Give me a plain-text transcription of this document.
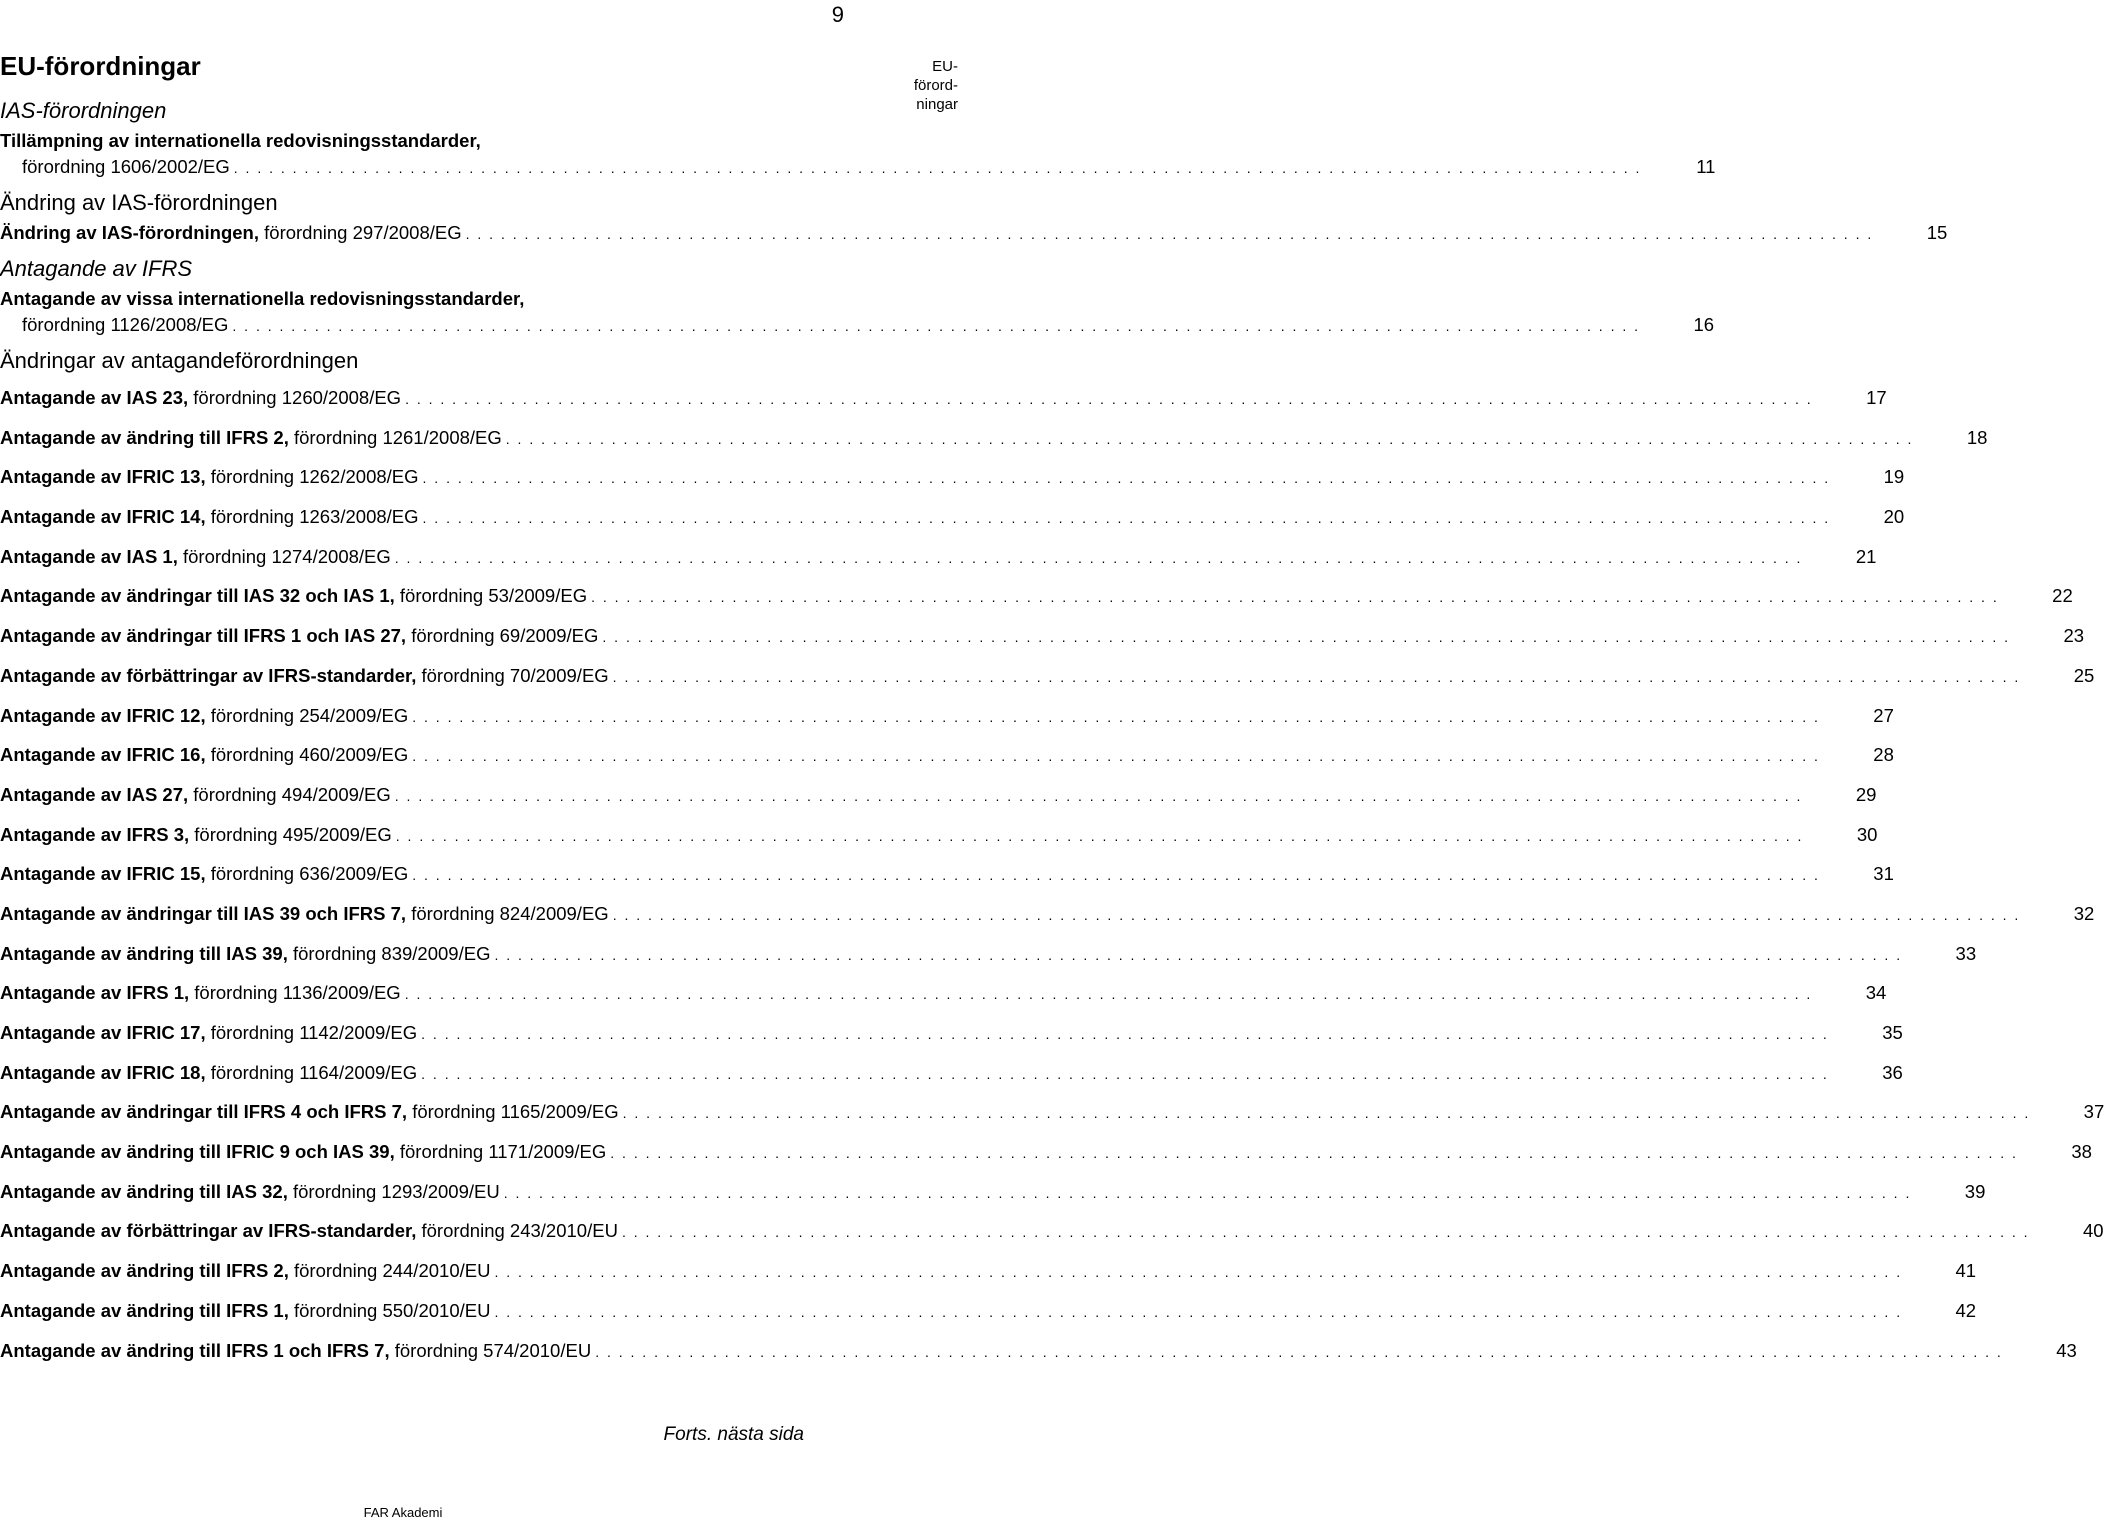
9
EU-
förord-
ningar
EU-förordningar
IAS-förordningen
Tillämpning av internationella redovisningsstandarder,
förordning 1606/2002/EG . . . . . . . . . . . . . . . . . . . . . . . . . . . . . . . . . . . . . . . . . . . . . . . . . . . . . . . . . . . . . . . . . . . . . . . . . . . . . . . . . . . . . . . . . . . . . . . . . . . . . . . . . . . . . . . . . . . . . . . .	11
Ändring av IAS-förordningen
Ändring av IAS-förordningen, förordning 297/2008/EG . . . . . . . . . . . . . . . . . . . . . . . . . . . . . . . . . . . . . . . . . . . . . . . . . . . . . . . . . . . . . . . . . . . . . . . . . . . . . . . . . . . . . . . . . . . . . . . . . . . . . . . . . . . . . . . . . . . . . . . .	15
Antagande av IFRS
Antagande av vissa internationella redovisningsstandarder,
förordning 1126/2008/EG . . . . . . . . . . . . . . . . . . . . . . . . . . . . . . . . . . . . . . . . . . . . . . . . . . . . . . . . . . . . . . . . . . . . . . . . . . . . . . . . . . . . . . . . . . . . . . . . . . . . . . . . . . . . . . . . . . . . . . . .	16
Ändringar av antagandeförordningen
Antagande av IAS 23, förordning 1260/2008/EG . . . . . . . . . . . . . . . . . . . . . . . . . . . . . . . . . . . . . . . . . . . . . . . . . . . . . . . . . . . . . . . . . . . . . . . . . . . . . . . . . . . . . . . . . . . . . . . . . . . . . . . . . . . . . . . . . . . . . . . .	17
Antagande av ändring till IFRS 2, förordning 1261/2008/EG . . . . . . . . . . . . . . . . . . . . . . . . . . . . . . . . . . . . . . . . . . . . . . . . . . . . . . . . . . . . . . . . . . . . . . . . . . . . . . . . . . . . . . . . . . . . . . . . . . . . . . . . . . . . . . . . . . . . . . . .	18
Antagande av IFRIC 13, förordning 1262/2008/EG . . . . . . . . . . . . . . . . . . . . . . . . . . . . . . . . . . . . . . . . . . . . . . . . . . . . . . . . . . . . . . . . . . . . . . . . . . . . . . . . . . . . . . . . . . . . . . . . . . . . . . . . . . . . . . . . . . . . . . . .	19
Antagande av IFRIC 14, förordning 1263/2008/EG . . . . . . . . . . . . . . . . . . . . . . . . . . . . . . . . . . . . . . . . . . . . . . . . . . . . . . . . . . . . . . . . . . . . . . . . . . . . . . . . . . . . . . . . . . . . . . . . . . . . . . . . . . . . . . . . . . . . . . . .	20
Antagande av IAS 1, förordning 1274/2008/EG . . . . . . . . . . . . . . . . . . . . . . . . . . . . . . . . . . . . . . . . . . . . . . . . . . . . . . . . . . . . . . . . . . . . . . . . . . . . . . . . . . . . . . . . . . . . . . . . . . . . . . . . . . . . . . . . . . . . . . . .	21
Antagande av ändringar till IAS 32 och IAS 1, förordning 53/2009/EG . . . . . . . . . . . . . . . . . . . . . . . . . . . . . . . . . . . . . . . . . . . . . . . . . . . . . . . . . . . . . . . . . . . . . . . . . . . . . . . . . . . . . . . . . . . . . . . . . . . . . . . . . . . . . . . . . . . . . . . .	22
Antagande av ändringar till IFRS 1 och IAS 27, förordning 69/2009/EG . . . . . . . . . . . . . . . . . . . . . . . . . . . . . . . . . . . . . . . . . . . . . . . . . . . . . . . . . . . . . . . . . . . . . . . . . . . . . . . . . . . . . . . . . . . . . . . . . . . . . . . . . . . . . . . . . . . . . . . .	23
Antagande av förbättringar av IFRS-standarder, förordning 70/2009/EG . . . . . . . . . . . . . . . . . . . . . . . . . . . . . . . . . . . . . . . . . . . . . . . . . . . . . . . . . . . . . . . . . . . . . . . . . . . . . . . . . . . . . . . . . . . . . . . . . . . . . . . . . . . . . . . . . . . . . . . .	25
Antagande av IFRIC 12, förordning 254/2009/EG . . . . . . . . . . . . . . . . . . . . . . . . . . . . . . . . . . . . . . . . . . . . . . . . . . . . . . . . . . . . . . . . . . . . . . . . . . . . . . . . . . . . . . . . . . . . . . . . . . . . . . . . . . . . . . . . . . . . . . . .	27
Antagande av IFRIC 16, förordning 460/2009/EG . . . . . . . . . . . . . . . . . . . . . . . . . . . . . . . . . . . . . . . . . . . . . . . . . . . . . . . . . . . . . . . . . . . . . . . . . . . . . . . . . . . . . . . . . . . . . . . . . . . . . . . . . . . . . . . . . . . . . . . .	28
Antagande av IAS 27, förordning 494/2009/EG . . . . . . . . . . . . . . . . . . . . . . . . . . . . . . . . . . . . . . . . . . . . . . . . . . . . . . . . . . . . . . . . . . . . . . . . . . . . . . . . . . . . . . . . . . . . . . . . . . . . . . . . . . . . . . . . . . . . . . . .	29
Antagande av IFRS 3, förordning 495/2009/EG . . . . . . . . . . . . . . . . . . . . . . . . . . . . . . . . . . . . . . . . . . . . . . . . . . . . . . . . . . . . . . . . . . . . . . . . . . . . . . . . . . . . . . . . . . . . . . . . . . . . . . . . . . . . . . . . . . . . . . . .	30
Antagande av IFRIC 15, förordning 636/2009/EG . . . . . . . . . . . . . . . . . . . . . . . . . . . . . . . . . . . . . . . . . . . . . . . . . . . . . . . . . . . . . . . . . . . . . . . . . . . . . . . . . . . . . . . . . . . . . . . . . . . . . . . . . . . . . . . . . . . . . . . .	31
Antagande av ändringar till IAS 39 och IFRS 7, förordning 824/2009/EG . . . . . . . . . . . . . . . . . . . . . . . . . . . . . . . . . . . . . . . . . . . . . . . . . . . . . . . . . . . . . . . . . . . . . . . . . . . . . . . . . . . . . . . . . . . . . . . . . . . . . . . . . . . . . . . . . . . . . . . .	32
Antagande av ändring till IAS 39, förordning 839/2009/EG . . . . . . . . . . . . . . . . . . . . . . . . . . . . . . . . . . . . . . . . . . . . . . . . . . . . . . . . . . . . . . . . . . . . . . . . . . . . . . . . . . . . . . . . . . . . . . . . . . . . . . . . . . . . . . . . . . . . . . . .	33
Antagande av IFRS 1, förordning 1136/2009/EG . . . . . . . . . . . . . . . . . . . . . . . . . . . . . . . . . . . . . . . . . . . . . . . . . . . . . . . . . . . . . . . . . . . . . . . . . . . . . . . . . . . . . . . . . . . . . . . . . . . . . . . . . . . . . . . . . . . . . . . .	34
Antagande av IFRIC 17, förordning 1142/2009/EG . . . . . . . . . . . . . . . . . . . . . . . . . . . . . . . . . . . . . . . . . . . . . . . . . . . . . . . . . . . . . . . . . . . . . . . . . . . . . . . . . . . . . . . . . . . . . . . . . . . . . . . . . . . . . . . . . . . . . . . .	35
Antagande av IFRIC 18, förordning 1164/2009/EG . . . . . . . . . . . . . . . . . . . . . . . . . . . . . . . . . . . . . . . . . . . . . . . . . . . . . . . . . . . . . . . . . . . . . . . . . . . . . . . . . . . . . . . . . . . . . . . . . . . . . . . . . . . . . . . . . . . . . . . .	36
Antagande av ändringar till IFRS 4 och IFRS 7, förordning 1165/2009/EG . . . . . . . . . . . . . . . . . . . . . . . . . . . . . . . . . . . . . . . . . . . . . . . . . . . . . . . . . . . . . . . . . . . . . . . . . . . . . . . . . . . . . . . . . . . . . . . . . . . . . . . . . . . . . . . . . . . . . . . .	37
Antagande av ändring till IFRIC 9 och IAS 39, förordning 1171/2009/EG . . . . . . . . . . . . . . . . . . . . . . . . . . . . . . . . . . . . . . . . . . . . . . . . . . . . . . . . . . . . . . . . . . . . . . . . . . . . . . . . . . . . . . . . . . . . . . . . . . . . . . . . . . . . . . . . . . . . . . . .	38
Antagande av ändring till IAS 32, förordning 1293/2009/EU . . . . . . . . . . . . . . . . . . . . . . . . . . . . . . . . . . . . . . . . . . . . . . . . . . . . . . . . . . . . . . . . . . . . . . . . . . . . . . . . . . . . . . . . . . . . . . . . . . . . . . . . . . . . . . . . . . . . . . . .	39
Antagande av förbättringar av IFRS-standarder, förordning 243/2010/EU . . . . . . . . . . . . . . . . . . . . . . . . . . . . . . . . . . . . . . . . . . . . . . . . . . . . . . . . . . . . . . . . . . . . . . . . . . . . . . . . . . . . . . . . . . . . . . . . . . . . . . . . . . . . . . . . . . . . . . . .	40
Antagande av ändring till IFRS 2, förordning 244/2010/EU . . . . . . . . . . . . . . . . . . . . . . . . . . . . . . . . . . . . . . . . . . . . . . . . . . . . . . . . . . . . . . . . . . . . . . . . . . . . . . . . . . . . . . . . . . . . . . . . . . . . . . . . . . . . . . . . . . . . . . . .	41
Antagande av ändring till IFRS 1, förordning 550/2010/EU . . . . . . . . . . . . . . . . . . . . . . . . . . . . . . . . . . . . . . . . . . . . . . . . . . . . . . . . . . . . . . . . . . . . . . . . . . . . . . . . . . . . . . . . . . . . . . . . . . . . . . . . . . . . . . . . . . . . . . . .	42
Antagande av ändring till IFRS 1 och IFRS 7, förordning 574/2010/EU . . . . . . . . . . . . . . . . . . . . . . . . . . . . . . . . . . . . . . . . . . . . . . . . . . . . . . . . . . . . . . . . . . . . . . . . . . . . . . . . . . . . . . . . . . . . . . . . . . . . . . . . . . . . . . . . . . . . . . . .	43
Forts. nästa sida
FAR Akademi
